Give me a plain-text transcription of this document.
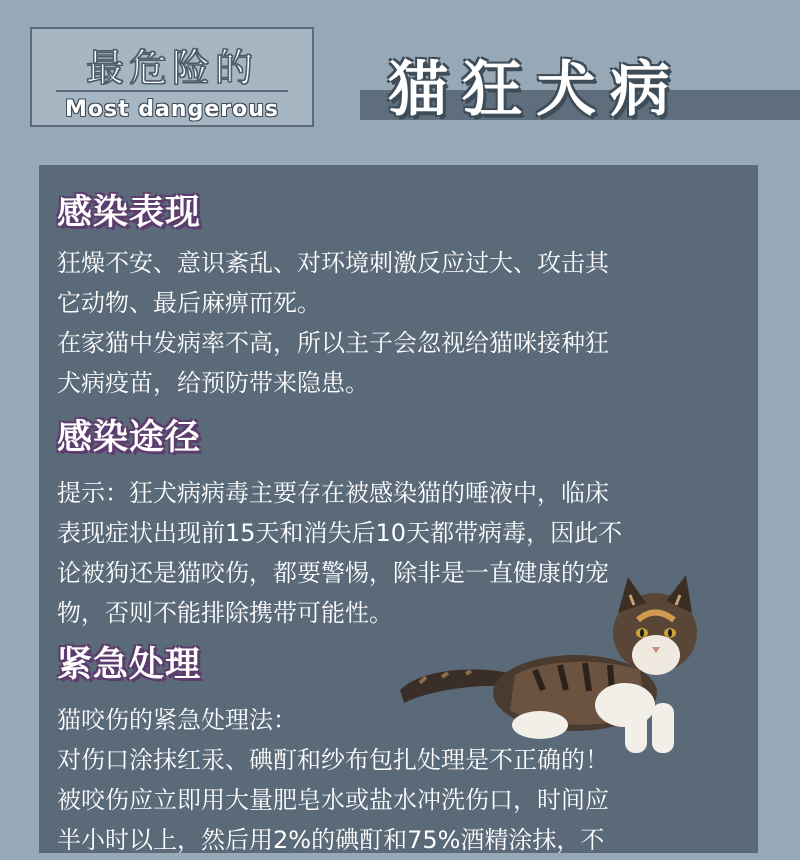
最危险的
Most dangerous	猫狂犬病
感染表现
狂燥不安、意识紊乱、对环境刺激反应过大、攻击其
它动物、最后麻痹而死。
在家猫中发病率不高，所以主子会忽视给猫咪接种狂
犬病疫苗，给预防带来隐患。
感染途径
提示：狂犬病病毒主要存在被感染猫的唾液中，临床
表现症状出现前15天和消失后10天都带病毒，因此不
论被狗还是猫咬伤，都要警惕，除非是一直健康的宠
物，否则不能排除携带可能性。
紧急处理
猫咬伤的紧急处理法：
对伤口涂抹红汞、碘酊和纱布包扎处理是不正确的！
被咬伤应立即用大量肥皂水或盐水冲洗伤口，时间应
半小时以上，然后用2%的碘酊和75%酒精涂抹，不
